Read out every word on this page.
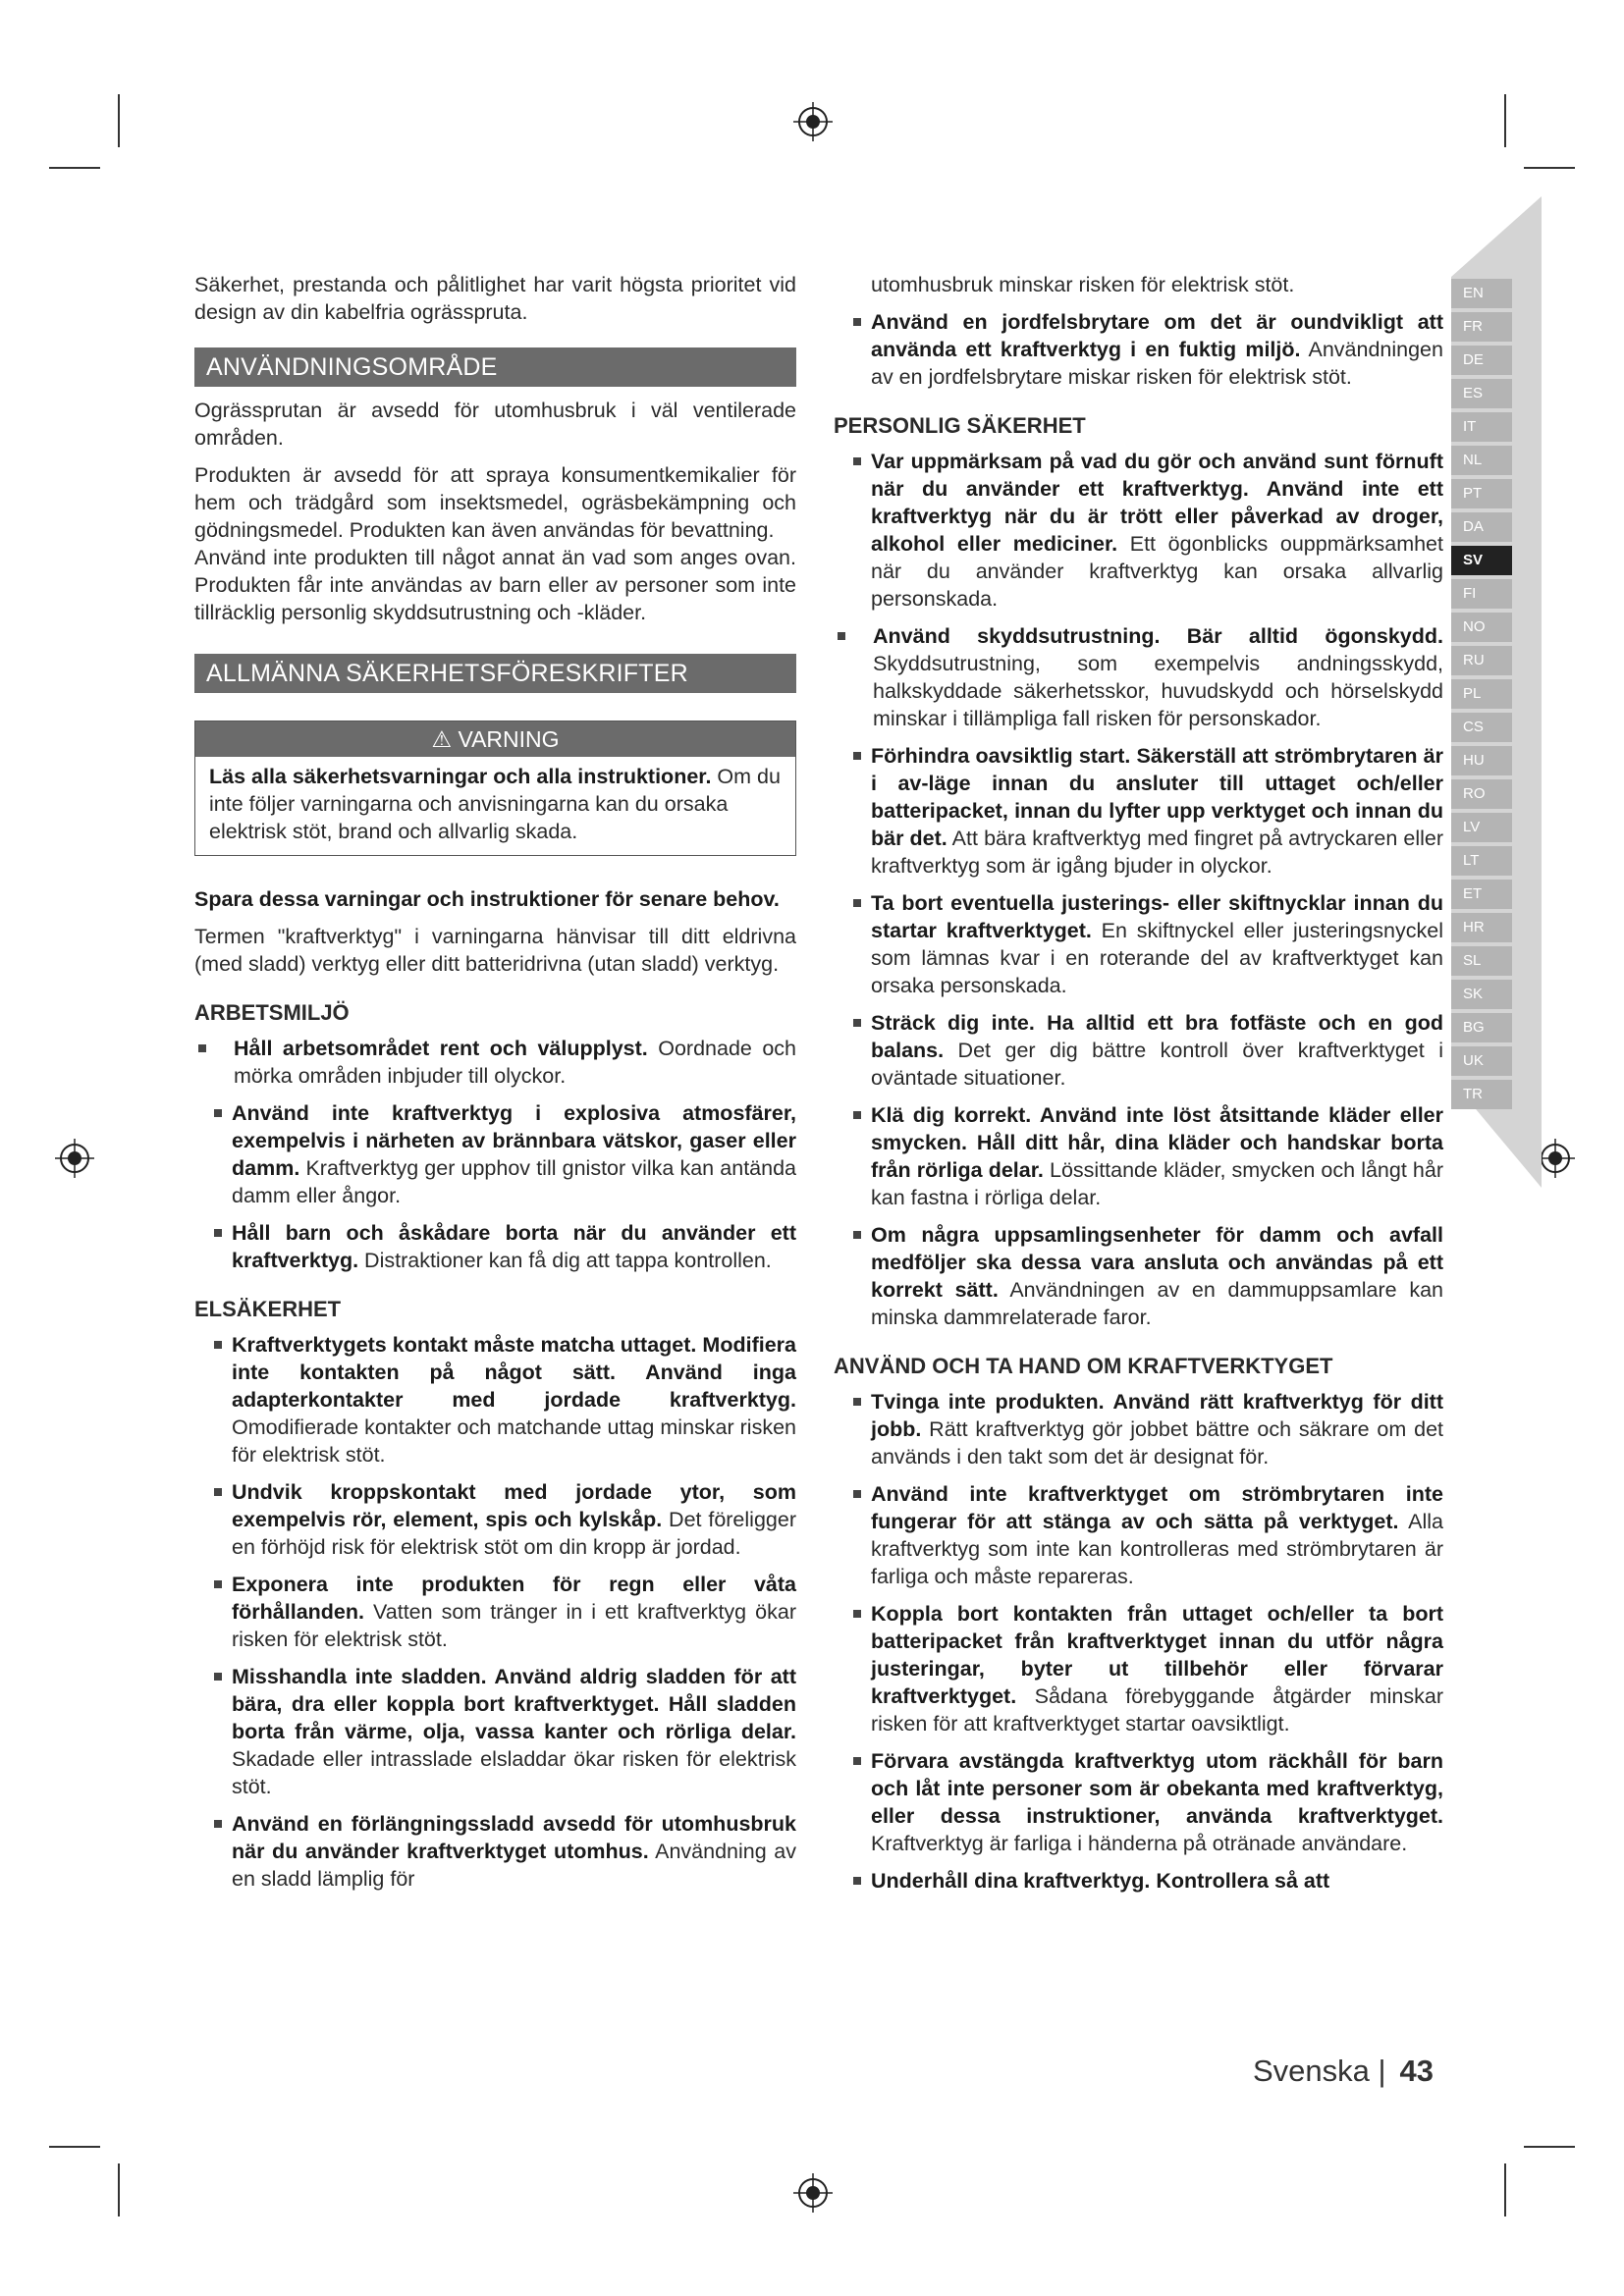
EN
FR
DE
ES
IT
NL
PT
DA
SV
FI
NO
RU
PL
CS
HU
RO
LV
LT
ET
HR
SL
SK
BG
UK
TR

Säkerhet, prestanda och pålitlighet har varit högsta prioritet vid design av din kabelfria ogrässpruta.

ANVÄNDNINGSOMRÅDE

Ogrässprutan är avsedd för utomhusbruk i väl ventilerade områden.

Produkten är avsedd för att spraya konsumentkemikalier för hem och trädgård som insektsmedel, ogräsbekämpning och gödningsmedel. Produkten kan även användas för bevattning.

Använd inte produkten till något annat än vad som anges ovan. Produkten får inte användas av barn eller av personer som inte tillräcklig personlig skyddsutrustning och -kläder.

ALLMÄNNA SÄKERHETSFÖRESKRIFTER
⚠ VARNING
Läs alla säkerhetsvarningar och alla instruktioner. Om du inte följer varningarna och anvisningarna kan du orsaka elektrisk stöt, brand och allvarlig skada.

Spara dessa varningar och instruktioner för senare behov.

Termen "kraftverktyg" i varningarna hänvisar till ditt eldrivna (med sladd) verktyg eller ditt batteridrivna (utan sladd) verktyg.

ARBETSMILJÖ
Håll arbetsområdet rent och välupplyst. Oordnade och mörka områden inbjuder till olyckor.
Använd inte kraftverktyg i explosiva atmosfärer, exempelvis i närheten av brännbara vätskor, gaser eller damm. Kraftverktyg ger upphov till gnistor vilka kan antända damm eller ångor.
Håll barn och åskådare borta när du använder ett kraftverktyg. Distraktioner kan få dig att tappa kontrollen.
ELSÄKERHET
Kraftverktygets kontakt måste matcha uttaget. Modifiera inte kontakten på något sätt. Använd inga adapterkontakter med jordade kraftverktyg. Omodifierade kontakter och matchande uttag minskar risken för elektrisk stöt.
Undvik kroppskontakt med jordade ytor, som exempelvis rör, element, spis och kylskåp. Det föreligger en förhöjd risk för elektrisk stöt om din kropp är jordad.
Exponera inte produkten för regn eller våta förhållanden. Vatten som tränger in i ett kraftverktyg ökar risken för elektrisk stöt.
Misshandla inte sladden. Använd aldrig sladden för att bära, dra eller koppla bort kraftverktyget. Håll sladden borta från värme, olja, vassa kanter och rörliga delar. Skadade eller intrasslade elsladdar ökar risken för elektrisk stöt.
Använd en förlängningssladd avsedd för utomhusbruk när du använder kraftverktyget utomhus. Användning av en sladd lämplig för

utomhusbruk minskar risken för elektrisk stöt.

Använd en jordfelsbrytare om det är oundvikligt att använda ett kraftverktyg i en fuktig miljö. Användningen av en jordfelsbrytare miskar risken för elektrisk stöt.
PERSONLIG SÄKERHET
Var uppmärksam på vad du gör och använd sunt förnuft när du använder ett kraftverktyg. Använd inte ett kraftverktyg när du är trött eller påverkad av droger, alkohol eller mediciner. Ett ögonblicks ouppmärksamhet när du använder kraftverktyg kan orsaka allvarlig personskada.
Använd skyddsutrustning. Bär alltid ögonskydd. Skyddsutrustning, som exempelvis andningsskydd, halkskyddade säkerhetsskor, huvudskydd och hörselskydd minskar i tillämpliga fall risken för personskador.
Förhindra oavsiktlig start. Säkerställ att strömbrytaren är i av-läge innan du ansluter till uttaget och/eller batteripacket, innan du lyfter upp verktyget och innan du bär det. Att bära kraftverktyg med fingret på avtryckaren eller kraftverktyg som är igång bjuder in olyckor.
Ta bort eventuella justerings- eller skiftnycklar innan du startar kraftverktyget. En skiftnyckel eller justeringsnyckel som lämnas kvar i en roterande del av kraftverktyget kan orsaka personskada.
Sträck dig inte. Ha alltid ett bra fotfäste och en god balans. Det ger dig bättre kontroll över kraftverktyget i oväntade situationer.
Klä dig korrekt. Använd inte löst åtsittande kläder eller smycken. Håll ditt hår, dina kläder och handskar borta från rörliga delar. Lössittande kläder, smycken och långt hår kan fastna i rörliga delar.
Om några uppsamlingsenheter för damm och avfall medföljer ska dessa vara ansluta och användas på ett korrekt sätt. Användningen av en dammuppsamlare kan minska dammrelaterade faror.
ANVÄND OCH TA HAND OM KRAFTVERKTYGET
Tvinga inte produkten. Använd rätt kraftverktyg för ditt jobb. Rätt kraftverktyg gör jobbet bättre och säkrare om det används i den takt som det är designat för.
Använd inte kraftverktyget om strömbrytaren inte fungerar för att stänga av och sätta på verktyget. Alla kraftverktyg som inte kan kontrolleras med strömbrytaren är farliga och måste repareras.
Koppla bort kontakten från uttaget och/eller ta bort batteripacket från kraftverktyget innan du utför några justeringar, byter ut tillbehör eller förvarar kraftverktyget. Sådana förebyggande åtgärder minskar risken för att kraftverktyget startar oavsiktligt.
Förvara avstängda kraftverktyg utom räckhåll för barn och låt inte personer som är obekanta med kraftverktyg, eller dessa instruktioner, använda kraftverktyget. Kraftverktyg är farliga i händerna på otränade användare.
Underhåll dina kraftverktyg. Kontrollera så att
Svenska | 43
